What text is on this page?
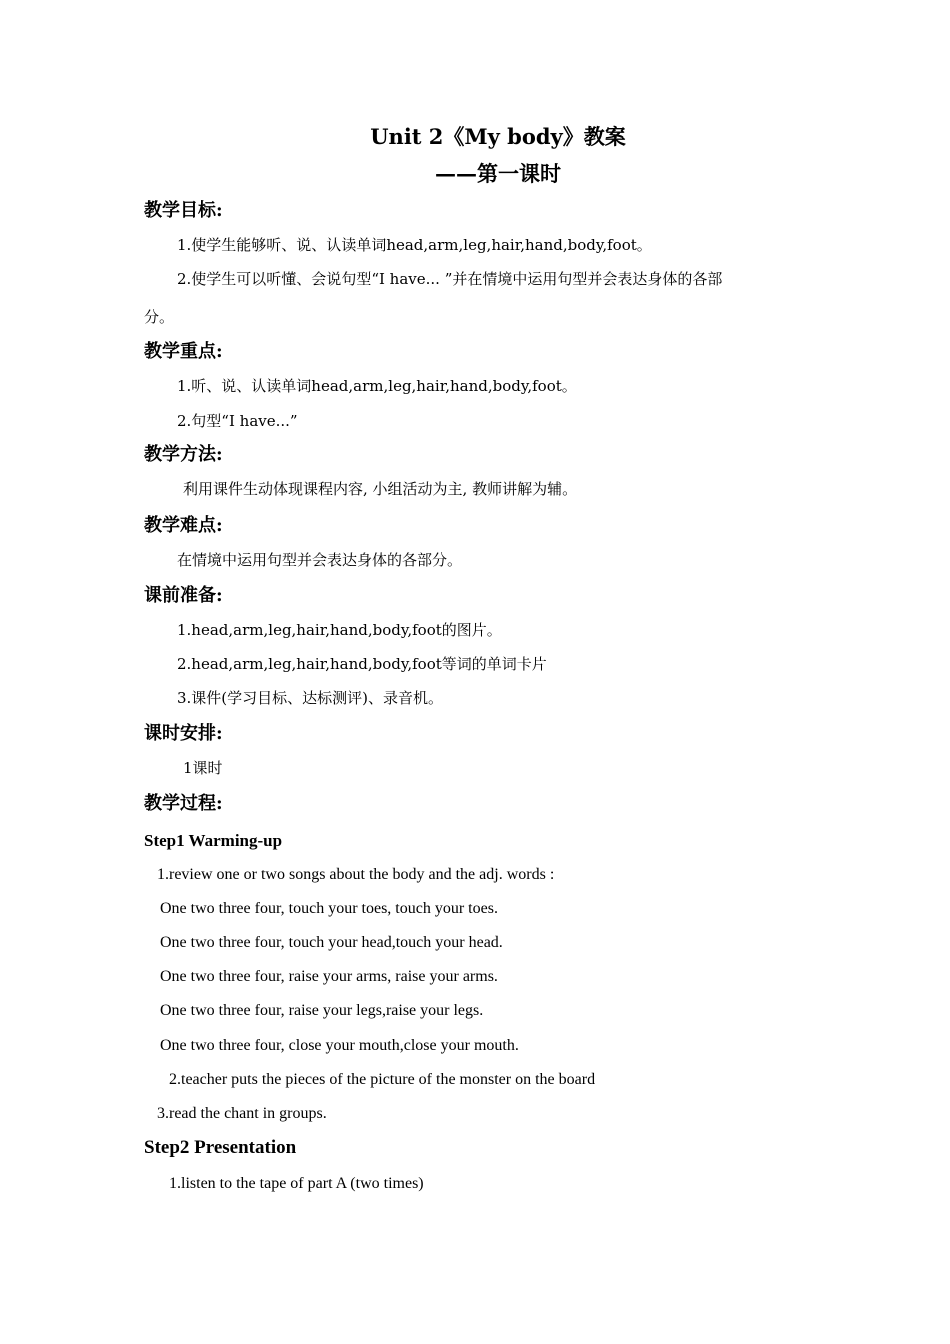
Unit 2《My body》教案
——第一课时
教学目标:
1.使学生能够听、说、认读单词head,arm,leg,hair,hand,body,foot。
2.使学生可以听懂、会说句型“I have... ”并在情境中运用句型并会表达身体的各部
分。
教学重点:
1.听、说、认读单词head,arm,leg,hair,hand,body,foot。
2.句型“I have...”
教学方法:
利用课件生动体现课程内容, 小组活动为主, 教师讲解为辅。
教学难点:
在情境中运用句型并会表达身体的各部分。
课前准备:
1.head,arm,leg,hair,hand,body,foot的图片。
2.head,arm,leg,hair,hand,body,foot等词的单词卡片
3.课件(学习目标、达标测评)、录音机。
课时安排:
1课时
教学过程:
Step1 Warming-up
1.review one or two songs about the body and the adj. words :
One two three four, touch your toes, touch your toes.
One two three four, touch your head,touch your head.
One two three four, raise your arms, raise your arms.
One two three four, raise your legs,raise your legs.
One two three four, close your mouth,close your mouth.
2.teacher puts the pieces of the picture of the monster on the board
3.read the chant in groups.
Step2 Presentation
1.listen to the tape of part A (two times)
